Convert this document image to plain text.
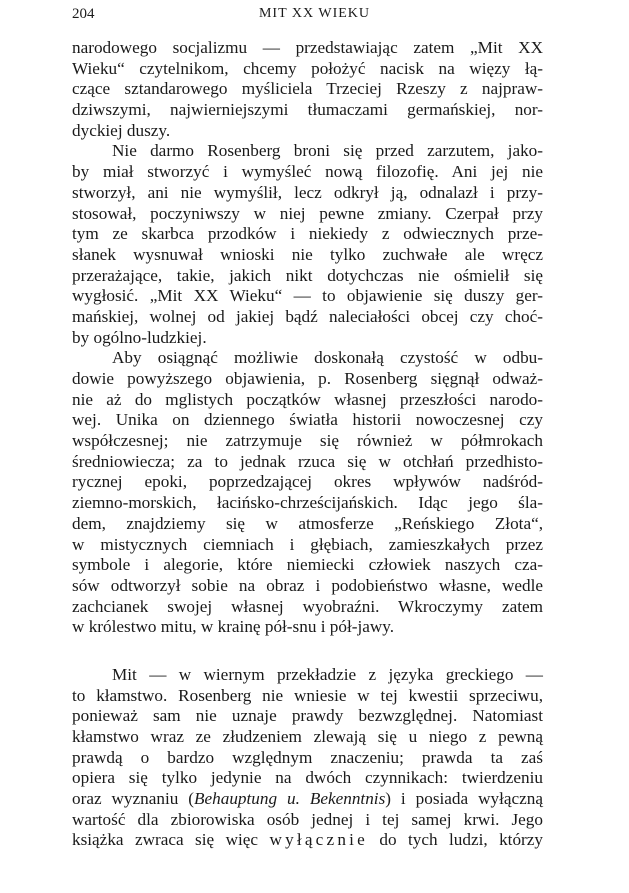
204	MIT XX WIEKU
narodowego socjalizmu — przedstawiając zatem „Mit XX
Wieku“ czytelnikom, chcemy położyć nacisk na więzy łą-
czące sztandarowego myśliciela Trzeciej Rzeszy z najpraw-
dziwszymi, najwierniejszymi tłumaczami germańskiej, nor-
dyckiej duszy.
Nie darmo Rosenberg broni się przed zarzutem, jako-
by miał stworzyć i wymyśleć nową filozofię. Ani jej nie
stworzył, ani nie wymyślił, lecz odkrył ją, odnalazł i przy-
stosował, poczyniwszy w niej pewne zmiany. Czerpał przy
tym ze skarbca przodków i niekiedy z odwiecznych prze-
słanek wysnuwał wnioski nie tylko zuchwałe ale wręcz
przerażające, takie, jakich nikt dotychczas nie ośmielił się
wygłosić. „Mit XX Wieku“ — to objawienie się duszy ger-
mańskiej, wolnej od jakiej bądź naleciałości obcej czy choć-
by ogólno-ludzkiej.
Aby osiągnąć możliwie doskonałą czystość w odbu-
dowie powyższego objawienia, p. Rosenberg sięgnął odważ-
nie aż do mglistych początków własnej przeszłości narodo-
wej. Unika on dziennego światła historii nowoczesnej czy
współczesnej; nie zatrzymuje się również w półmrokach
średniowiecza; za to jednak rzuca się w otchłań przedhisto-
rycznej epoki, poprzedzającej okres wpływów nadśród-
ziemno-morskich, łacińsko-chrześcijańskich. Idąc jego śla-
dem, znajdziemy się w atmosferze „Reńskiego Złota“,
w mistycznych ciemniach i głębiach, zamieszkałych przez
symbole i alegorie, które niemiecki człowiek naszych cza-
sów odtworzył sobie na obraz i podobieństwo własne, wedle
zachcianek swojej własnej wyobraźni. Wkroczymy zatem
w królestwo mitu, w krainę pół-snu i pół-jawy.
Mit — w wiernym przekładzie z języka greckiego —
to kłamstwo. Rosenberg nie wniesie w tej kwestii sprzeciwu,
ponieważ sam nie uznaje prawdy bezwzględnej. Natomiast
kłamstwo wraz ze złudzeniem zlewają się u niego z pewną
prawdą o bardzo względnym znaczeniu; prawda ta zaś
opiera się tylko jedynie na dwóch czynnikach: twierdzeniu
oraz wyznaniu (Behauptung u. Bekenntnis) i posiada wyłączną
wartość dla zbiorowiska osób jednej i tej samej krwi. Jego
książka zwraca się więc wyłącznie do tych ludzi, którzy
